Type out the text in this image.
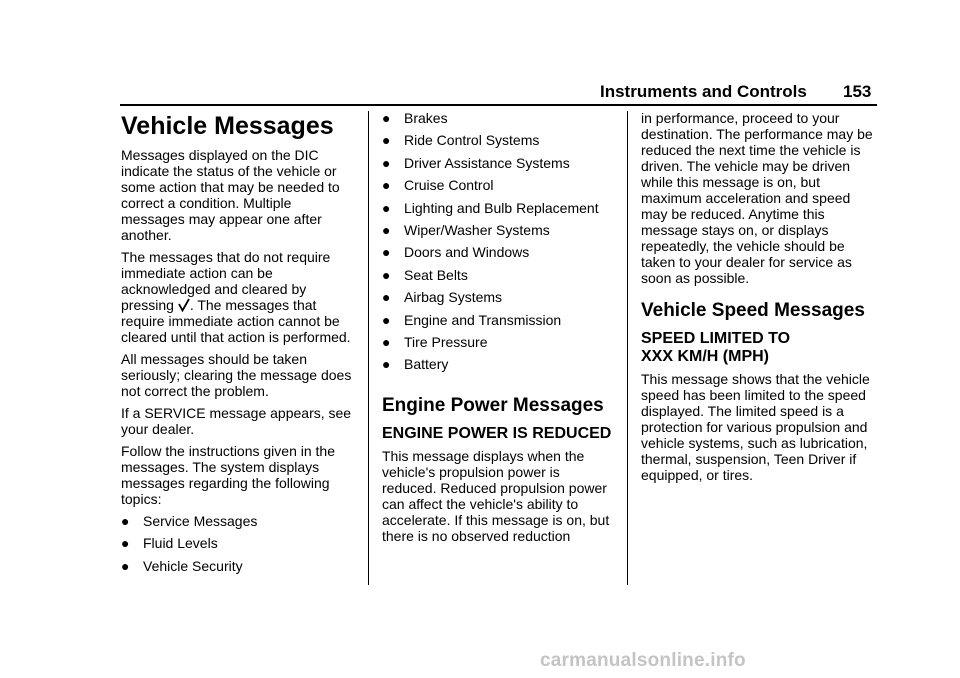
Instruments and Controls 153
Vehicle Messages

Messages displayed on the DIC indicate the status of the vehicle or some action that may be needed to correct a condition. Multiple messages may appear one after another.

The messages that do not require immediate action can be acknowledged and cleared by pressing . The messages that require immediate action cannot be cleared until that action is performed.

All messages should be taken seriously; clearing the message does not correct the problem.

If a SERVICE message appears, see your dealer.

Follow the instructions given in the messages. The system displays messages regarding the following topics:

● Service Messages
● Fluid Levels
● Vehicle Security
● Brakes
● Ride Control Systems
● Driver Assistance Systems
● Cruise Control
● Lighting and Bulb Replacement
● Wiper/Washer Systems
● Doors and Windows
● Seat Belts
● Airbag Systems
● Engine and Transmission
● Tire Pressure
● Battery
Engine Power Messages
ENGINE POWER IS REDUCED

This message displays when the vehicle's propulsion power is reduced. Reduced propulsion power can affect the vehicle's ability to accelerate. If this message is on, but there is no observed reduction

in performance, proceed to your destination. The performance may be reduced the next time the vehicle is driven. The vehicle may be driven while this message is on, but maximum acceleration and speed may be reduced. Anytime this message stays on, or displays repeatedly, the vehicle should be taken to your dealer for service as soon as possible.

Vehicle Speed Messages
SPEED LIMITED TO
XXX KM/H (MPH)

This message shows that the vehicle speed has been limited to the speed displayed. The limited speed is a protection for various propulsion and vehicle systems, such as lubrication, thermal, suspension, Teen Driver if equipped, or tires.

carmanualsonline.info
